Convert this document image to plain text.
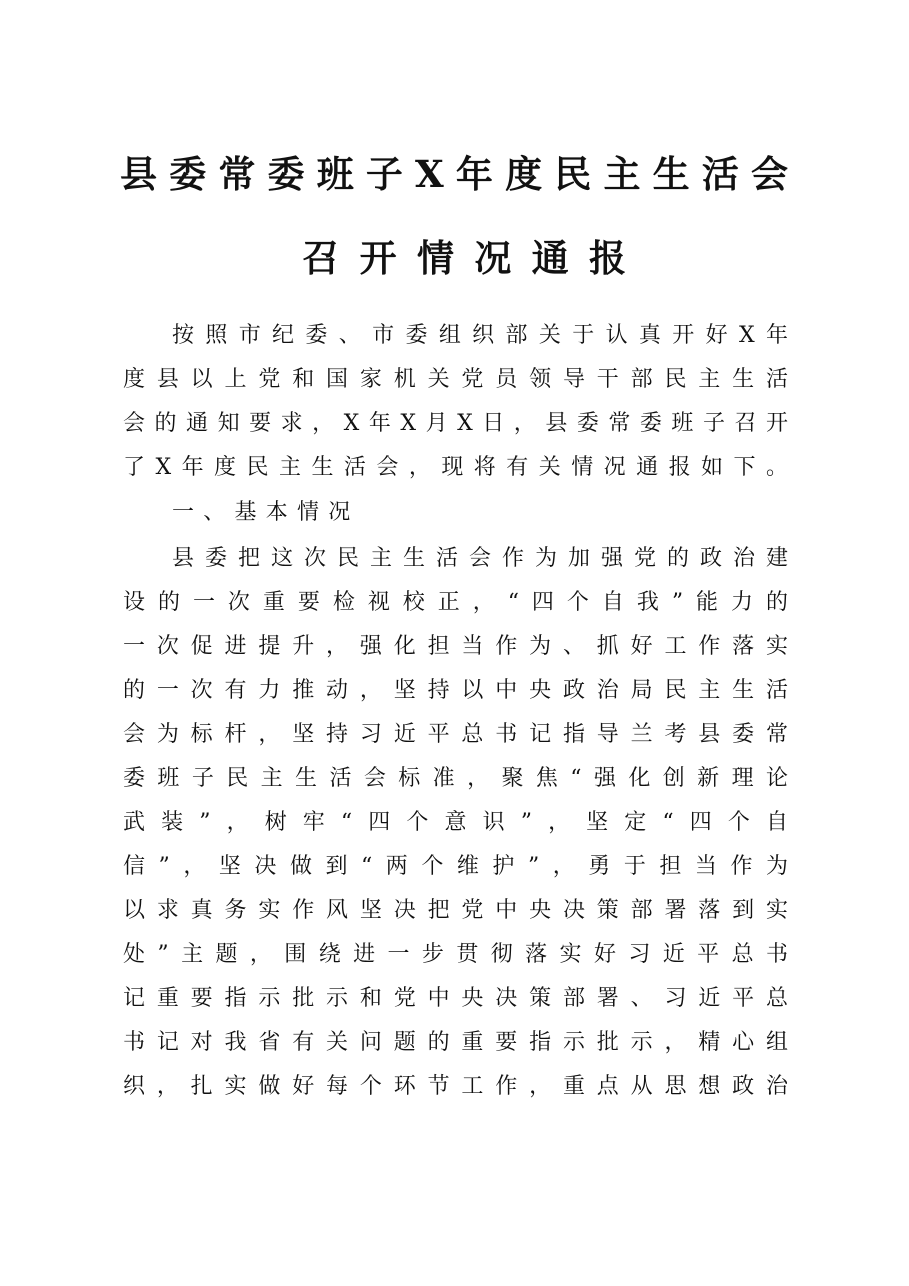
县委常委班子X年度民主生活会
召开情况通报
按照市纪委、市委组织部关于认真开好X年
度县以上党和国家机关党员领导干部民主生活
会的通知要求，X年X月X日，县委常委班子召开
了X年度民主生活会，现将有关情况通报如下。
一、基本情况
县委把这次民主生活会作为加强党的政治建
设的一次重要检视校正，“四个自我”能力的
一次促进提升，强化担当作为、抓好工作落实
的一次有力推动，坚持以中央政治局民主生活
会为标杆，坚持习近平总书记指导兰考县委常
委班子民主生活会标准，聚焦“强化创新理论
武装”，树牢“四个意识”，坚定“四个自
信”，坚决做到“两个维护”，勇于担当作为
以求真务实作风坚决把党中央决策部署落到实
处”主题，围绕进一步贯彻落实好习近平总书
记重要指示批示和党中央决策部署、习近平总
书记对我省有关问题的重要指示批示，精心组
织，扎实做好每个环节工作，重点从思想政治
